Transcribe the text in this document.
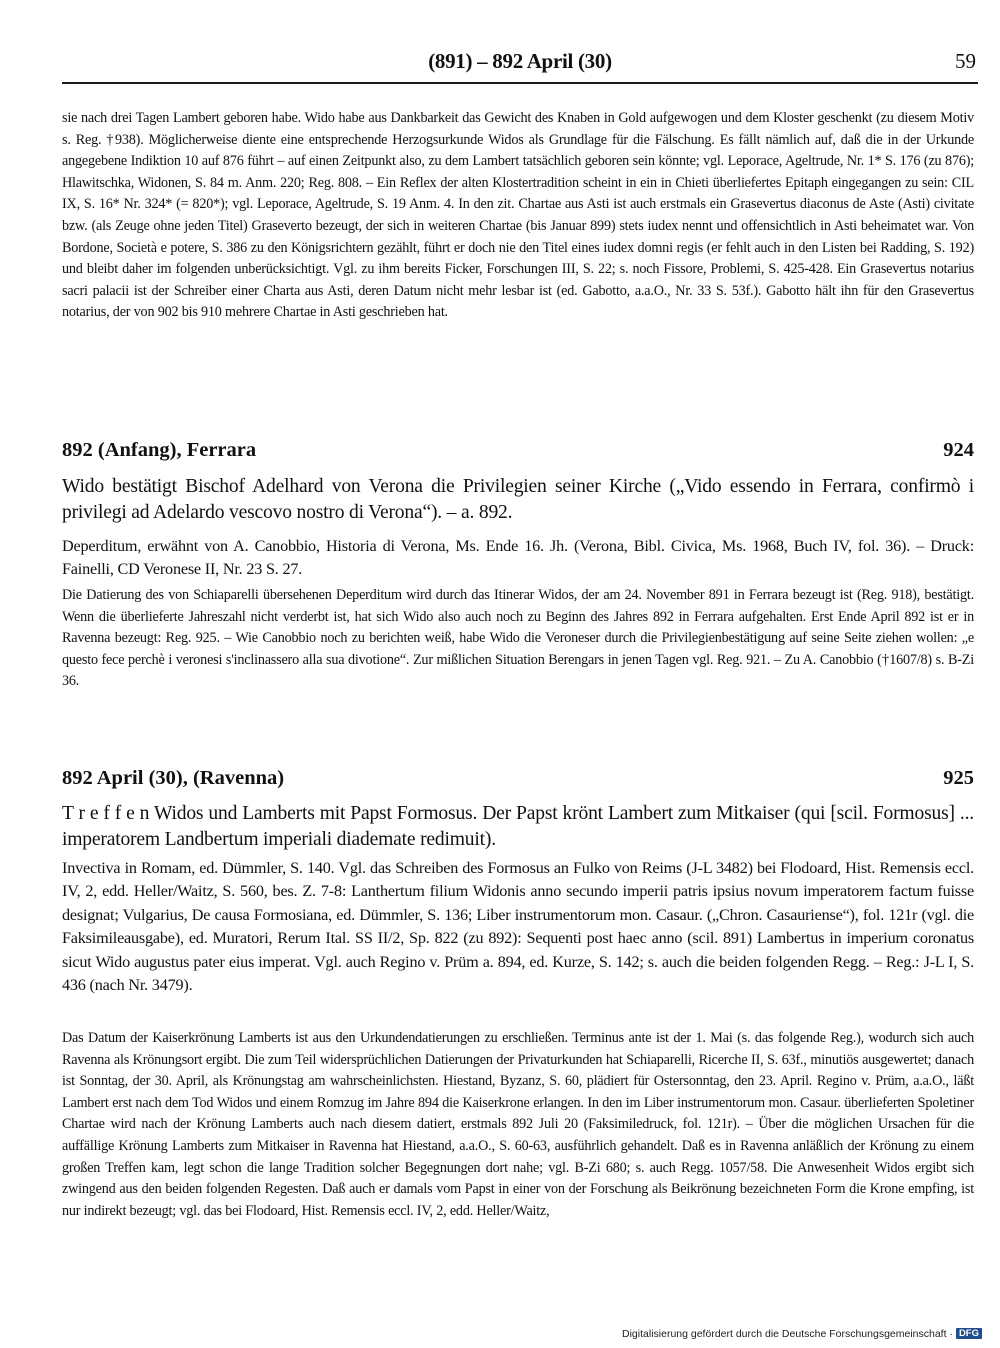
(891) – 892 April (30)	59
sie nach drei Tagen Lambert geboren habe. Wido habe aus Dankbarkeit das Gewicht des Knaben in Gold aufgewogen und dem Kloster geschenkt (zu diesem Motiv s. Reg. †938). Möglicherweise diente eine entsprechende Herzogsurkunde Widos als Grundlage für die Fälschung. Es fällt nämlich auf, daß die in der Urkunde angegebene Indiktion 10 auf 876 führt – auf einen Zeitpunkt also, zu dem Lambert tatsächlich geboren sein könnte; vgl. Leporace, Ageltrude, Nr. 1* S. 176 (zu 876); Hlawitschka, Widonen, S. 84 m. Anm. 220; Reg. 808. – Ein Reflex der alten Klostertradition scheint in ein in Chieti überliefertes Epitaph eingegangen zu sein: CIL IX, S. 16* Nr. 324* (= 820*); vgl. Leporace, Ageltrude, S. 19 Anm. 4. In den zit. Chartae aus Asti ist auch erstmals ein Grasevertus diaconus de Aste (Asti) civitate bzw. (als Zeuge ohne jeden Titel) Graseverto bezeugt, der sich in weiteren Chartae (bis Januar 899) stets iudex nennt und offensichtlich in Asti beheimatet war. Von Bordone, Società e potere, S. 386 zu den Königsrichtern gezählt, führt er doch nie den Titel eines iudex domni regis (er fehlt auch in den Listen bei Radding, S. 192) und bleibt daher im folgenden unberücksichtigt. Vgl. zu ihm bereits Ficker, Forschungen III, S. 22; s. noch Fissore, Problemi, S. 425-428. Ein Grasevertus notarius sacri palacii ist der Schreiber einer Charta aus Asti, deren Datum nicht mehr lesbar ist (ed. Gabotto, a.a.O., Nr. 33 S. 53f.). Gabotto hält ihn für den Grasevertus notarius, der von 902 bis 910 mehrere Chartae in Asti geschrieben hat.
892 (Anfang), Ferrara	924
Wido bestätigt Bischof Adelhard von Verona die Privilegien seiner Kirche („Vido essendo in Ferrara, confirmò i privilegi ad Adelardo vescovo nostro di Verona“). – a. 892.
Deperditum, erwähnt von A. Canobbio, Historia di Verona, Ms. Ende 16. Jh. (Verona, Bibl. Civica, Ms. 1968, Buch IV, fol. 36). – Druck: Fainelli, CD Veronese II, Nr. 23 S. 27.
Die Datierung des von Schiaparelli übersehenen Deperditum wird durch das Itinerar Widos, der am 24. November 891 in Ferrara bezeugt ist (Reg. 918), bestätigt. Wenn die überlieferte Jahreszahl nicht verderbt ist, hat sich Wido also auch noch zu Beginn des Jahres 892 in Ferrara aufgehalten. Erst Ende April 892 ist er in Ravenna bezeugt: Reg. 925. – Wie Canobbio noch zu berichten weiß, habe Wido die Veroneser durch die Privilegienbestätigung auf seine Seite ziehen wollen: „e questo fece perchè i veronesi s'inclinassero alla sua divotione“. Zur mißlichen Situation Berengars in jenen Tagen vgl. Reg. 921. – Zu A. Canobbio (†1607/8) s. B-Zi 36.
892 April (30), (Ravenna)	925
T r e f f e n Widos und Lamberts mit Papst Formosus. Der Papst krönt Lambert zum Mitkaiser (qui [scil. Formosus] ... imperatorem Landbertum imperiali diademate redimuit).
Invectiva in Romam, ed. Dümmler, S. 140. Vgl. das Schreiben des Formosus an Fulko von Reims (J-L 3482) bei Flodoard, Hist. Remensis eccl. IV, 2, edd. Heller/Waitz, S. 560, bes. Z. 7-8: Lanthertum filium Widonis anno secundo imperii patris ipsius novum imperatorem factum fuisse designat; Vulgarius, De causa Formosiana, ed. Dümmler, S. 136; Liber instrumentorum mon. Casaur. („Chron. Casauriense“), fol. 121r (vgl. die Faksimileausgabe), ed. Muratori, Rerum Ital. SS II/2, Sp. 822 (zu 892): Sequenti post haec anno (scil. 891) Lambertus in imperium coronatus sicut Wido augustus pater eius imperat. Vgl. auch Regino v. Prüm a. 894, ed. Kurze, S. 142; s. auch die beiden folgenden Regg. – Reg.: J-L I, S. 436 (nach Nr. 3479).
Das Datum der Kaiserkrönung Lamberts ist aus den Urkundendatierungen zu erschließen. Terminus ante ist der 1. Mai (s. das folgende Reg.), wodurch sich auch Ravenna als Krönungsort ergibt. Die zum Teil widersprüchlichen Datierungen der Privaturkunden hat Schiaparelli, Ricerche II, S. 63f., minutiös ausgewertet; danach ist Sonntag, der 30. April, als Krönungstag am wahrscheinlichsten. Hiestand, Byzanz, S. 60, plädiert für Ostersonntag, den 23. April. Regino v. Prüm, a.a.O., läßt Lambert erst nach dem Tod Widos und einem Romzug im Jahre 894 die Kaiserkrone erlangen. In den im Liber instrumentorum mon. Casaur. überlieferten Spoletiner Chartae wird nach der Krönung Lamberts auch nach diesem datiert, erstmals 892 Juli 20 (Faksimiledruck, fol. 121r). – Über die möglichen Ursachen für die auffällige Krönung Lamberts zum Mitkaiser in Ravenna hat Hiestand, a.a.O., S. 60-63, ausführlich gehandelt. Daß es in Ravenna anläßlich der Krönung zu einem großen Treffen kam, legt schon die lange Tradition solcher Begegnungen dort nahe; vgl. B-Zi 680; s. auch Regg. 1057/58. Die Anwesenheit Widos ergibt sich zwingend aus den beiden folgenden Regesten. Daß auch er damals vom Papst in einer von der Forschung als Beikrönung bezeichneten Form die Krone empfing, ist nur indirekt bezeugt; vgl. das bei Flodoard, Hist. Remensis eccl. IV, 2, edd. Heller/Waitz,
Digitalisierung gefördert durch die Deutsche Forschungsgemeinschaft · DFG
